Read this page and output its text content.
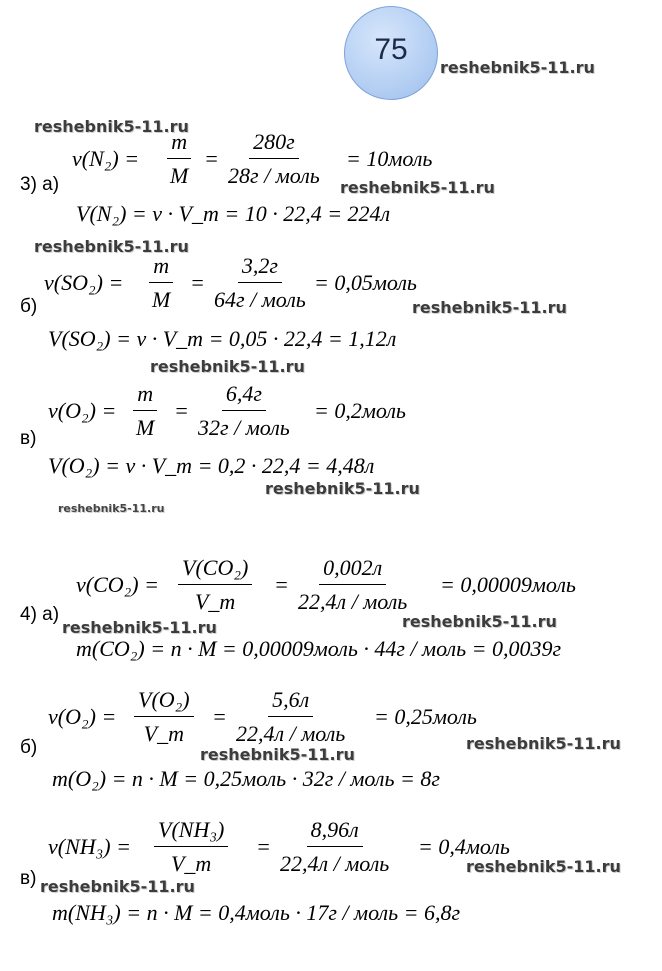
75
reshebnik5-11.ru
reshebnik5-11.ru
reshebnik5-11.ru
reshebnik5-11.ru
reshebnik5-11.ru
reshebnik5-11.ru
reshebnik5-11.ru
reshebnik5-11.ru
reshebnik5-11.ru	reshebnik5-11.ru
reshebnik5-11.ru
reshebnik5-11.ru
reshebnik5-11.ru
reshebnik5-11.ru
3) а)
$\nu(N_2) = \frac{m}{M}$ =
280г
28г / моль
= 10моль
V(N₂) = ν · V_m = 10 · 22,4 = 224л
б)
$\nu(SO_2) = \frac{m}{M}$ =
3,2г
64г / моль
= 0,05моль
V(SO₂) = ν · V_m = 0,05 · 22,4 = 1,12л
в)
$\nu(O_2) = \frac{m}{M}$ =
6,4г
32г / моль
= 0,2моль
V(O₂) = ν · V_m = 0,2 · 22,4 = 4,48л
4) а)
$\nu(CO_2) = \frac{\text{V(CO₂)}}{V\_m}$ =
0,002л
22,4л / моль
= 0,00009моль
m(CO₂) = n · M = 0,00009моль · 44г / моль = 0,0039г
б)
$\nu(O_2) = \frac{\text{V(O₂)}}{V\_m}$ =
5,6л
22,4л / моль
= 0,25моль
m(O₂) = n · M = 0,25моль · 32г / моль = 8г
в)
$\nu(NH_3) = \frac{\text{V(NH₃)}}{V\_m}$ =
8,96л
22,4л / моль
= 0,4моль
m(NH₃) = n · M = 0,4моль · 17г / моль = 6,8г
